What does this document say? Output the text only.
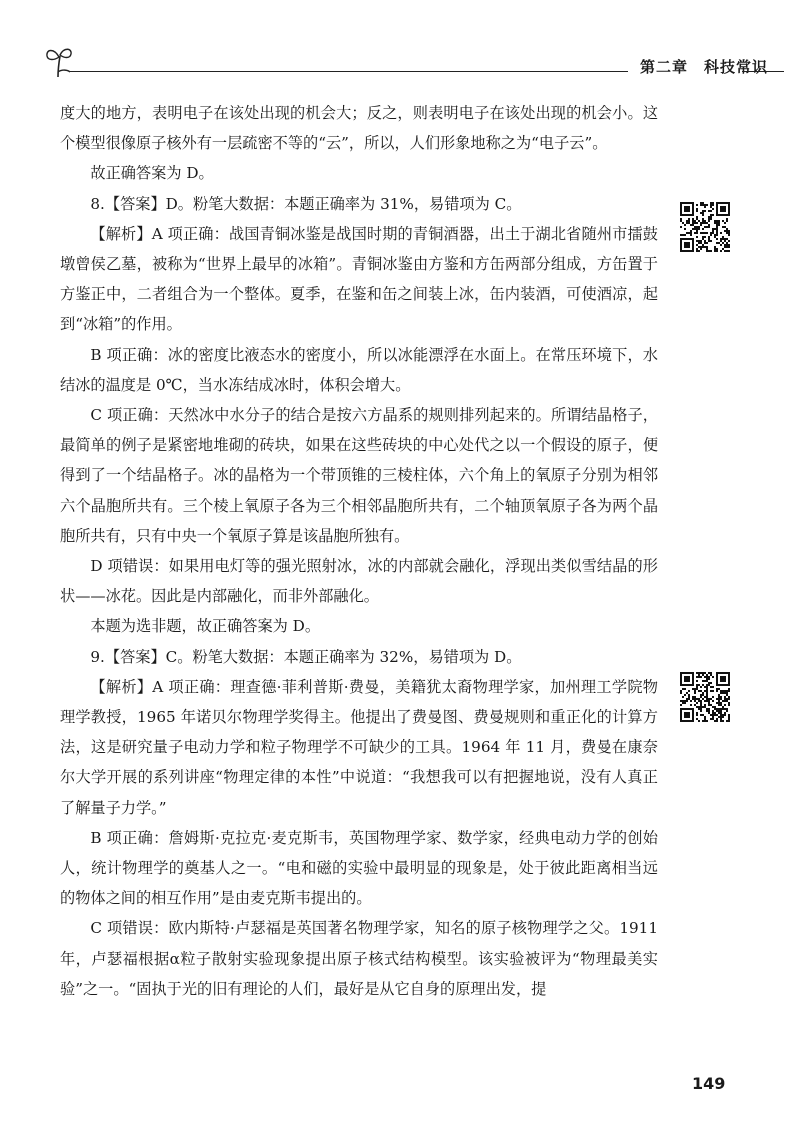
第二章 科技常识

度大的地方，表明电子在该处出现的机会大；反之，则表明电子在该处出现的机会小。这个模型很像原子核外有一层疏密不等的“云”，所以，人们形象地称之为“电子云”。

故正确答案为 D。

8.【答案】D。粉笔大数据：本题正确率为 31%，易错项为 C。

【解析】A 项正确：战国青铜冰鉴是战国时期的青铜酒器，出土于湖北省随州市擂鼓墩曾侯乙墓，被称为“世界上最早的冰箱”。青铜冰鉴由方鉴和方缶两部分组成，方缶置于方鉴正中，二者组合为一个整体。夏季，在鉴和缶之间装上冰，缶内装酒，可使酒凉，起到“冰箱”的作用。

B 项正确：冰的密度比液态水的密度小，所以冰能漂浮在水面上。在常压环境下，水结冰的温度是 0℃，当水冻结成冰时，体积会增大。

C 项正确：天然冰中水分子的结合是按六方晶系的规则排列起来的。所谓结晶格子，最简单的例子是紧密地堆砌的砖块，如果在这些砖块的中心处代之以一个假设的原子，便得到了一个结晶格子。冰的晶格为一个带顶锥的三棱柱体，六个角上的氧原子分别为相邻六个晶胞所共有。三个棱上氧原子各为三个相邻晶胞所共有，二个轴顶氧原子各为两个晶胞所共有，只有中央一个氧原子算是该晶胞所独有。

D 项错误：如果用电灯等的强光照射冰，冰的内部就会融化，浮现出类似雪结晶的形状——冰花。因此是内部融化，而非外部融化。

本题为选非题，故正确答案为 D。

9.【答案】C。粉笔大数据：本题正确率为 32%，易错项为 D。

【解析】A 项正确：理查德·菲利普斯·费曼，美籍犹太裔物理学家，加州理工学院物理学教授，1965 年诺贝尔物理学奖得主。他提出了费曼图、费曼规则和重正化的计算方法，这是研究量子电动力学和粒子物理学不可缺少的工具。1964 年 11 月，费曼在康奈尔大学开展的系列讲座“物理定律的本性”中说道：“我想我可以有把握地说，没有人真正了解量子力学。”

B 项正确：詹姆斯·克拉克·麦克斯韦，英国物理学家、数学家，经典电动力学的创始人，统计物理学的奠基人之一。“电和磁的实验中最明显的现象是，处于彼此距离相当远的物体之间的相互作用”是由麦克斯韦提出的。

C 项错误：欧内斯特·卢瑟福是英国著名物理学家，知名的原子核物理学之父。1911 年，卢瑟福根据α粒子散射实验现象提出原子核式结构模型。该实验被评为“物理最美实验”之一。“固执于光的旧有理论的人们，最好是从它自身的原理出发，提

149
